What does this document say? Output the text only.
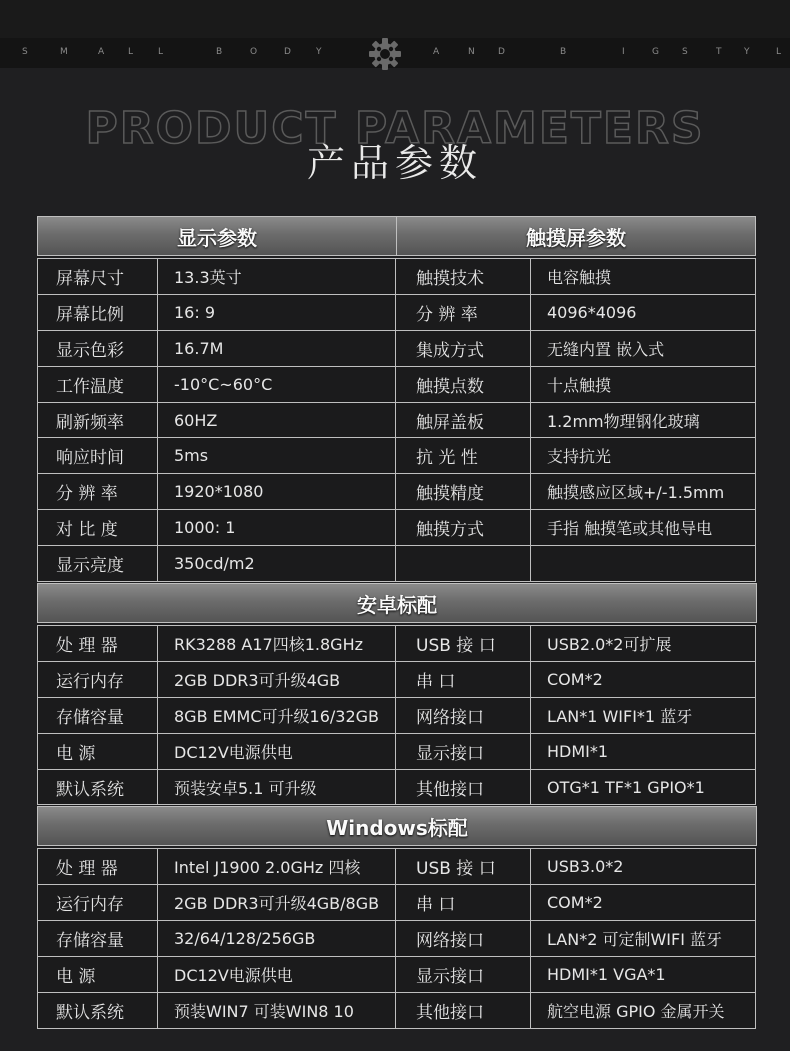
S	M	A	L	L	B	O	D	Y	A	N	D	B	I	G	S	T	Y	L
PRODUCT PARAMETERS
产品参数
显示参数	触摸屏参数
屏幕尺寸	13.3英寸	触摸技术	电容触摸
屏幕比例	16: 9	分 辨 率	4096*4096
显示色彩	16.7M	集成方式	无缝内置 嵌入式
工作温度	-10°C~60°C	触摸点数	十点触摸
刷新频率	60HZ	触屏盖板	1.2mm物理钢化玻璃
响应时间	5ms	抗 光 性	支持抗光
分 辨 率	1920*1080	触摸精度	触摸感应区域+/-1.5mm
对 比 度	1000: 1	触摸方式	手指 触摸笔或其他导电
显示亮度	350cd/m2
安卓标配
处 理 器	RK3288 A17四核1.8GHz	USB 接 口	USB2.0*2可扩展
运行内存	2GB DDR3可升级4GB	串 口	COM*2
存储容量	8GB EMMC可升级16/32GB	网络接口	LAN*1 WIFI*1 蓝牙
电 源	DC12V电源供电	显示接口	HDMI*1
默认系统	预装安卓5.1 可升级	其他接口	OTG*1 TF*1 GPIO*1
Windows标配
处 理 器	Intel J1900 2.0GHz 四核	USB 接 口	USB3.0*2
运行内存	2GB DDR3可升级4GB/8GB	串 口	COM*2
存储容量	32/64/128/256GB	网络接口	LAN*2 可定制WIFI 蓝牙
电 源	DC12V电源供电	显示接口	HDMI*1 VGA*1
默认系统	预装WIN7 可装WIN8 10	其他接口	航空电源 GPIO 金属开关
